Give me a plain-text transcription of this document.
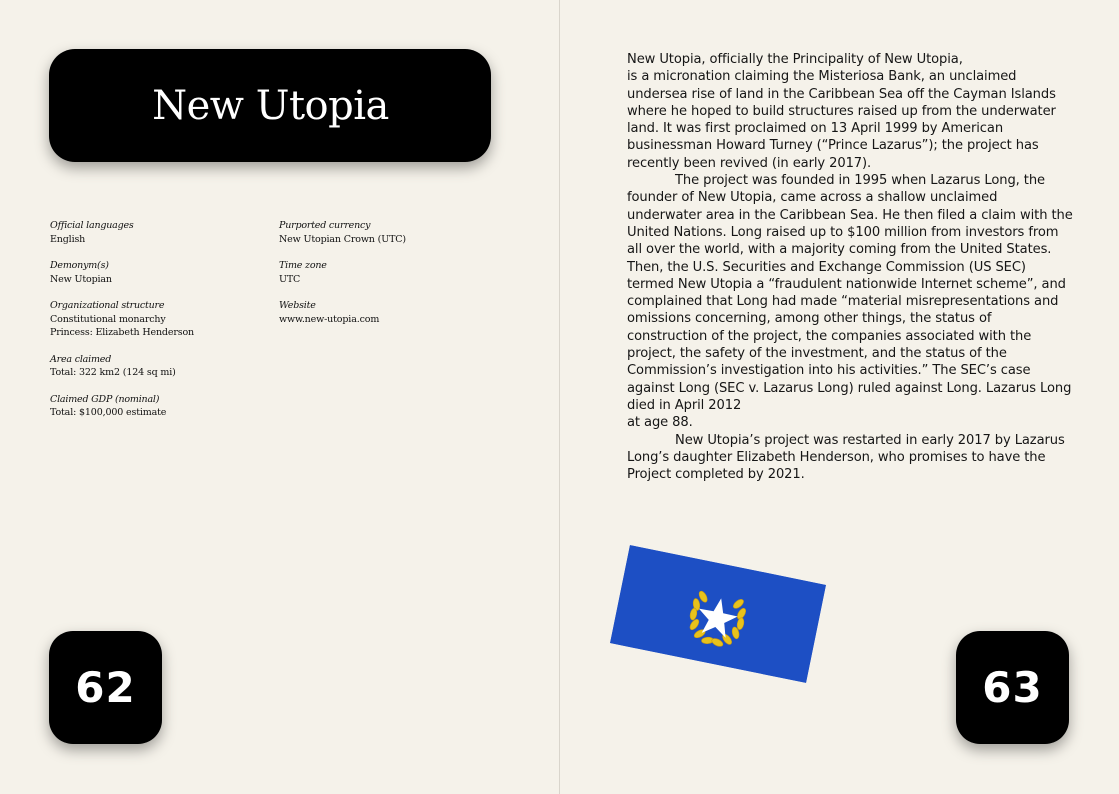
New Utopia
Official languages
English
Demonym(s)
New Utopian
Organizational structure
Constitutional monarchy
Princess: Elizabeth Henderson
Area claimed
Total: 322 km2 (124 sq mi)
Claimed GDP (nominal)
Total: $100,000 estimate
Purported currency
New Utopian Crown (UTC)
Time zone
UTC
Website
www.new-utopia.com
62

New Utopia, officially the Principality of New Utopia,
is a micronation claiming the Misteriosa Bank, an unclaimed undersea rise of land in the Caribbean Sea off the Cayman Islands where he hoped to build structures raised up from the underwater land. It was first proclaimed on 13 April 1999 by American businessman Howard Turney (“Prince Lazarus”); the project has recently been revived (in early 2017).

The project was founded in 1995 when Lazarus Long, the founder of New Utopia, came across a shallow unclaimed underwater area in the Caribbean Sea. He then filed a claim with the United Nations. Long raised up to $100 million from investors from all over the world, with a majority coming from the United States. Then, the U.S. Securities and Exchange Commission (US SEC) termed New Utopia a “fraudulent nationwide Internet scheme”, and complained that Long had made “material misrepresentations and omissions concerning, among other things, the status of construction of the project, the companies associated with the project, the safety of the investment, and the status of the Commission’s investigation into his activities.” The SEC’s case against Long (SEC v. Lazarus Long) ruled against Long. Lazarus Long died in April 2012
at age 88.

New Utopia’s project was restarted in early 2017 by Lazarus Long’s daughter Elizabeth Henderson, who promises to have the Project completed by 2021.

63
